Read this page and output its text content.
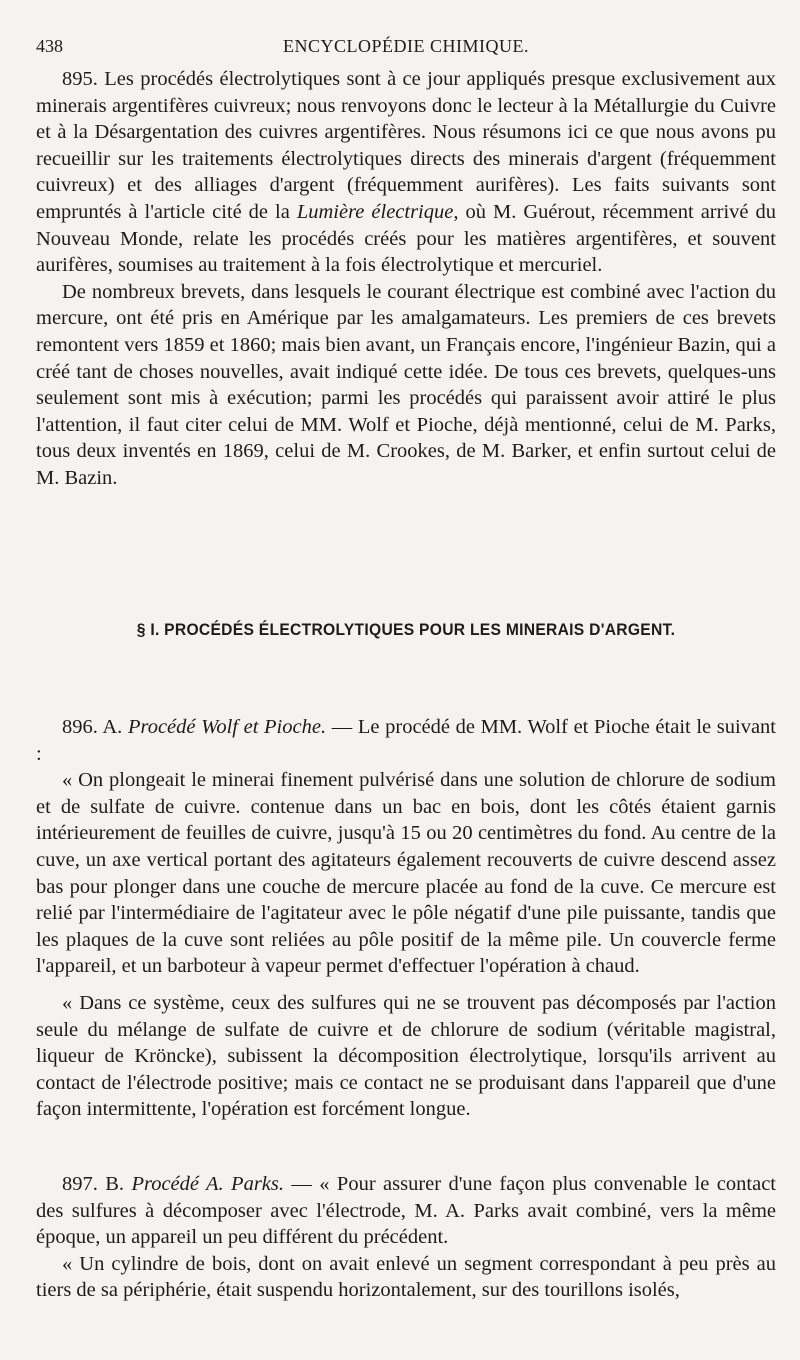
438	ENCYCLOPÉDIE CHIMIQUE.

895. Les procédés électrolytiques sont à ce jour appliqués presque exclusivement aux minerais argentifères cuivreux; nous renvoyons donc le lecteur à la Métallurgie du Cuivre et à la Désargentation des cuivres argentifères. Nous résumons ici ce que nous avons pu recueillir sur les traitements électrolytiques directs des minerais d'argent (fréquemment cuivreux) et des alliages d'argent (fréquemment aurifères). Les faits suivants sont empruntés à l'article cité de la Lumière électrique, où M. Guérout, récemment arrivé du Nouveau Monde, relate les procédés créés pour les matières argentifères, et souvent aurifères, soumises au traitement à la fois électrolytique et mercuriel.

De nombreux brevets, dans lesquels le courant électrique est combiné avec l'action du mercure, ont été pris en Amérique par les amalgamateurs. Les premiers de ces brevets remontent vers 1859 et 1860; mais bien avant, un Français encore, l'ingénieur Bazin, qui a créé tant de choses nouvelles, avait indiqué cette idée. De tous ces brevets, quelques-uns seulement sont mis à exécution; parmi les procédés qui paraissent avoir attiré le plus l'attention, il faut citer celui de MM. Wolf et Pioche, déjà mentionné, celui de M. Parks, tous deux inventés en 1869, celui de M. Crookes, de M. Barker, et enfin surtout celui de M. Bazin.

§ I. PROCÉDÉS ÉLECTROLYTIQUES POUR LES MINERAIS D'ARGENT.

896. A. Procédé Wolf et Pioche. — Le procédé de MM. Wolf et Pioche était le suivant :

« On plongeait le minerai finement pulvérisé dans une solution de chlorure de sodium et de sulfate de cuivre. contenue dans un bac en bois, dont les côtés étaient garnis intérieurement de feuilles de cuivre, jusqu'à 15 ou 20 centimètres du fond. Au centre de la cuve, un axe vertical portant des agitateurs également recouverts de cuivre descend assez bas pour plonger dans une couche de mercure placée au fond de la cuve. Ce mercure est relié par l'intermédiaire de l'agitateur avec le pôle négatif d'une pile puissante, tandis que les plaques de la cuve sont reliées au pôle positif de la même pile. Un couvercle ferme l'appareil, et un barboteur à vapeur permet d'effectuer l'opération à chaud.

« Dans ce système, ceux des sulfures qui ne se trouvent pas décomposés par l'action seule du mélange de sulfate de cuivre et de chlorure de sodium (véritable magistral, liqueur de Kröncke), subissent la décomposition électrolytique, lorsqu'ils arrivent au contact de l'électrode positive; mais ce contact ne se produisant dans l'appareil que d'une façon intermittente, l'opération est forcément longue.

897. B. Procédé A. Parks. — « Pour assurer d'une façon plus convenable le contact des sulfures à décomposer avec l'électrode, M. A. Parks avait combiné, vers la même époque, un appareil un peu différent du précédent.

« Un cylindre de bois, dont on avait enlevé un segment correspondant à peu près au tiers de sa périphérie, était suspendu horizontalement, sur des tourillons isolés,
